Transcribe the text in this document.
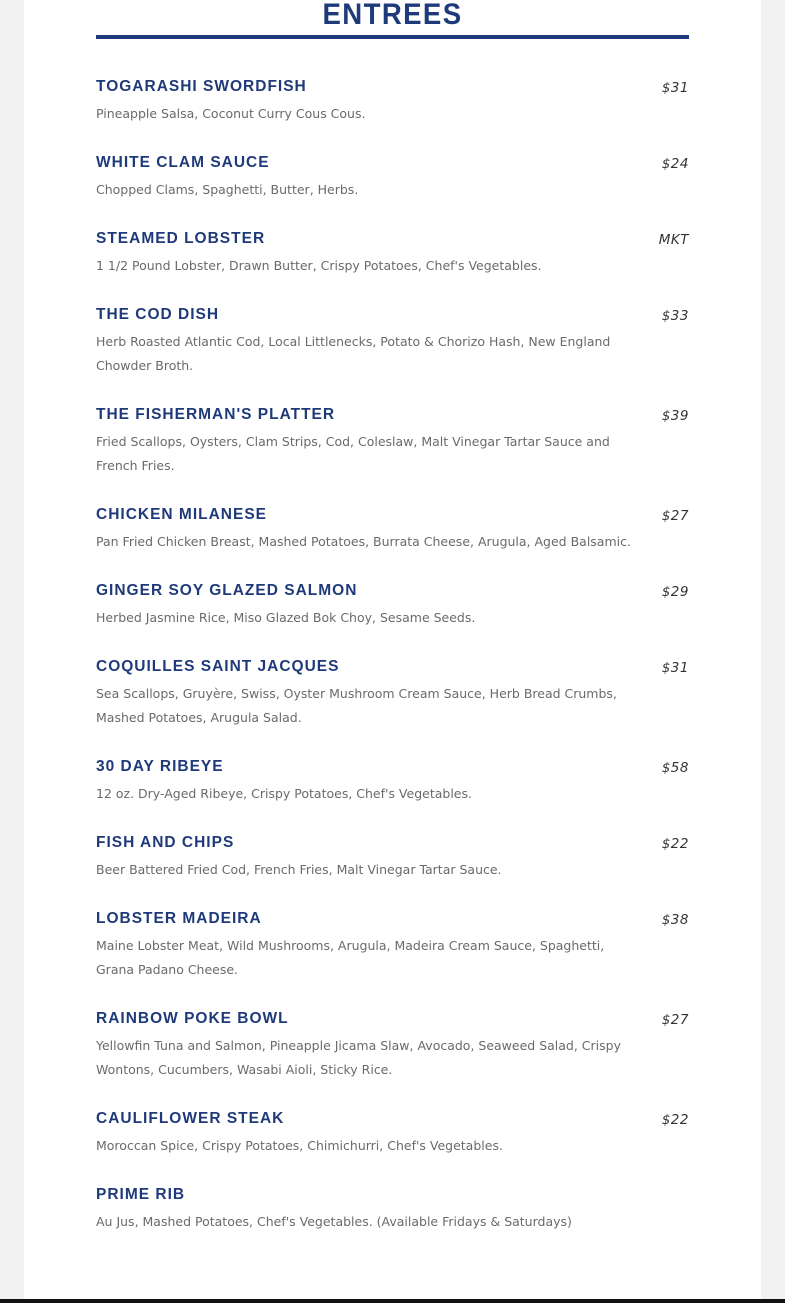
ENTREES
TOGARASHI SWORDFISH	$31
Pineapple Salsa, Coconut Curry Cous Cous.
WHITE CLAM SAUCE	$24
Chopped Clams, Spaghetti, Butter, Herbs.
STEAMED LOBSTER	MKT
1 1/2 Pound Lobster, Drawn Butter, Crispy Potatoes, Chef's Vegetables.
THE COD DISH	$33
Herb Roasted Atlantic Cod, Local Littlenecks, Potato & Chorizo Hash, New England Chowder Broth.
THE FISHERMAN'S PLATTER	$39
Fried Scallops, Oysters, Clam Strips, Cod, Coleslaw, Malt Vinegar Tartar Sauce and French Fries.
CHICKEN MILANESE	$27
Pan Fried Chicken Breast, Mashed Potatoes, Burrata Cheese, Arugula, Aged Balsamic.
GINGER SOY GLAZED SALMON	$29
Herbed Jasmine Rice, Miso Glazed Bok Choy, Sesame Seeds.
COQUILLES SAINT JACQUES	$31
Sea Scallops, Gruyère, Swiss, Oyster Mushroom Cream Sauce, Herb Bread Crumbs, Mashed Potatoes, Arugula Salad.
30 DAY RIBEYE	$58
12 oz. Dry-Aged Ribeye, Crispy Potatoes, Chef's Vegetables.
FISH AND CHIPS	$22
Beer Battered Fried Cod, French Fries, Malt Vinegar Tartar Sauce.
LOBSTER MADEIRA	$38
Maine Lobster Meat, Wild Mushrooms, Arugula, Madeira Cream Sauce, Spaghetti, Grana Padano Cheese.
RAINBOW POKE BOWL	$27
Yellowfin Tuna and Salmon, Pineapple Jicama Slaw, Avocado, Seaweed Salad, Crispy Wontons, Cucumbers, Wasabi Aioli, Sticky Rice.
CAULIFLOWER STEAK	$22
Moroccan Spice, Crispy Potatoes, Chimichurri, Chef's Vegetables.
PRIME RIB
Au Jus, Mashed Potatoes, Chef's Vegetables. (Available Fridays & Saturdays)
